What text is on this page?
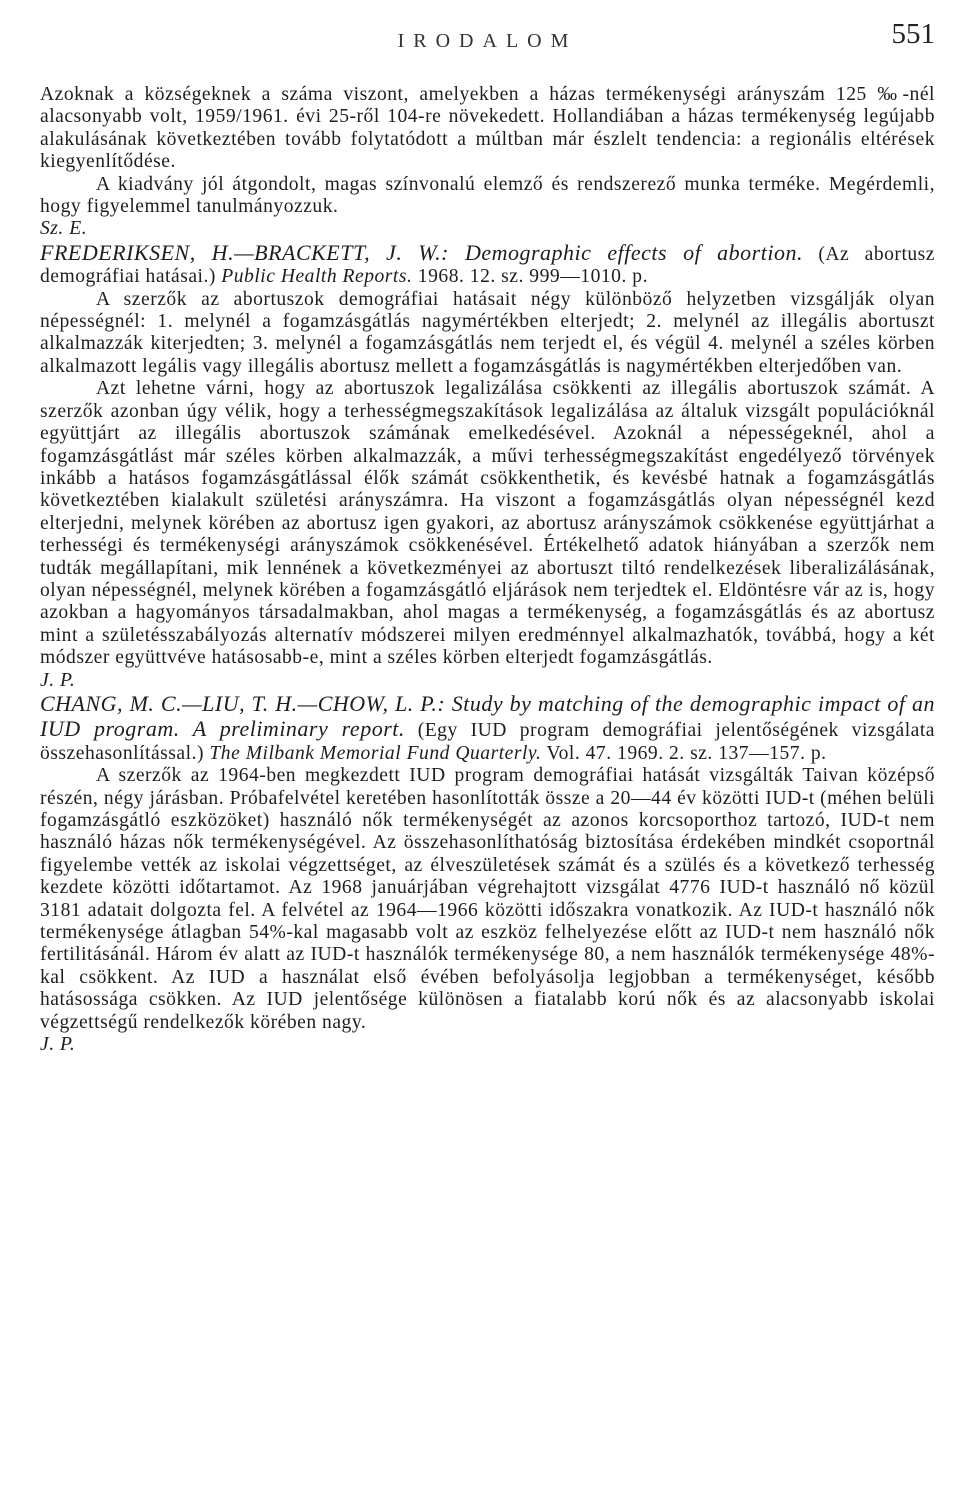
IRODALOM	551

Azoknak a községeknek a száma viszont, amelyekben a házas termékenységi arányszám 125 ‰-nél alacsonyabb volt, 1959/1961. évi 25-ről 104-re növekedett. Hollandiában a házas termékenység legújabb alakulásának következtében tovább folytatódott a múltban már észlelt tendencia: a regionális eltérések kiegyenlítődése.

A kiadvány jól átgondolt, magas színvonalú elemző és rendszerező munka terméke. Megérdemli, hogy figyelemmel tanulmányozzuk.

Sz. E.

FREDERIKSEN, H.—BRACKETT, J. W.: Demographic effects of abortion. (Az abortusz demográfiai hatásai.) Public Health Reports. 1968. 12. sz. 999—1010. p.

A szerzők az abortuszok demográfiai hatásait négy különböző helyzetben vizsgálják olyan népességnél: 1. melynél a fogamzásgátlás nagymértékben elterjedt; 2. melynél az illegális abortuszt alkalmazzák kiterjedten; 3. melynél a fogamzásgátlás nem terjedt el, és végül 4. melynél a széles körben alkalmazott legális vagy illegális abortusz mellett a fogamzásgátlás is nagymértékben elterjedőben van.

Azt lehetne várni, hogy az abortuszok legalizálása csökkenti az illegális abortuszok számát. A szerzők azonban úgy vélik, hogy a terhességmegszakítások legalizálása az általuk vizsgált populációknál együttjárt az illegális abortuszok számának emelkedésével. Azoknál a népességeknél, ahol a fogamzásgátlást már széles körben alkalmazzák, a művi terhességmegszakítást engedélyező törvények inkább a hatásos fogamzásgátlással élők számát csökkenthetik, és kevésbé hatnak a fogamzásgátlás következtében kialakult születési arányszámra. Ha viszont a fogamzásgátlás olyan népességnél kezd elterjedni, melynek körében az abortusz igen gyakori, az abortusz arányszámok csökkenése együttjárhat a terhességi és termékenységi arányszámok csökkenésével. Értékelhető adatok hiányában a szerzők nem tudták megállapítani, mik lennének a következményei az abortuszt tiltó rendelkezések liberalizálásának, olyan népességnél, melynek körében a fogamzásgátló eljárások nem terjedtek el. Eldöntésre vár az is, hogy azokban a hagyományos társadalmakban, ahol magas a termékenység, a fogamzásgátlás és az abortusz mint a születésszabályozás alternatív módszerei milyen eredménnyel alkalmazhatók, továbbá, hogy a két módszer együttvéve hatásosabb-e, mint a széles körben elterjedt fogamzásgátlás.

J. P.

CHANG, M. C.—LIU, T. H.—CHOW, L. P.: Study by matching of the demographic impact of an IUD program. A preliminary report. (Egy IUD program demográfiai jelentőségének vizsgálata összehasonlítással.) The Milbank Memorial Fund Quarterly. Vol. 47. 1969. 2. sz. 137—157. p.

A szerzők az 1964-ben megkezdett IUD program demográfiai hatását vizsgálták Taivan középső részén, négy járásban. Próbafelvétel keretében hasonlították össze a 20—44 év közötti IUD-t (méhen belüli fogamzásgátló eszközöket) használó nők termékenységét az azonos korcsoporthoz tartozó, IUD-t nem használó házas nők termékenységével. Az összehasonlíthatóság biztosítása érdekében mindkét csoportnál figyelembe vették az iskolai végzettséget, az élveszületések számát és a szülés és a következő terhesség kezdete közötti időtartamot. Az 1968 januárjában végrehajtott vizsgálat 4776 IUD-t használó nő közül 3181 adatait dolgozta fel. A felvétel az 1964—1966 közötti időszakra vonatkozik. Az IUD-t használó nők termékenysége átlagban 54%-kal magasabb volt az eszköz felhelyezése előtt az IUD-t nem használó nők fertilitásánál. Három év alatt az IUD-t használók termékenysége 80, a nem használók termékenysége 48%-kal csökkent. Az IUD a használat első évében befolyásolja legjobban a termékenységet, később hatásossága csökken. Az IUD jelentősége különösen a fiatalabb korú nők és az alacsonyabb iskolai végzettségű rendelkezők körében nagy.

J. P.
